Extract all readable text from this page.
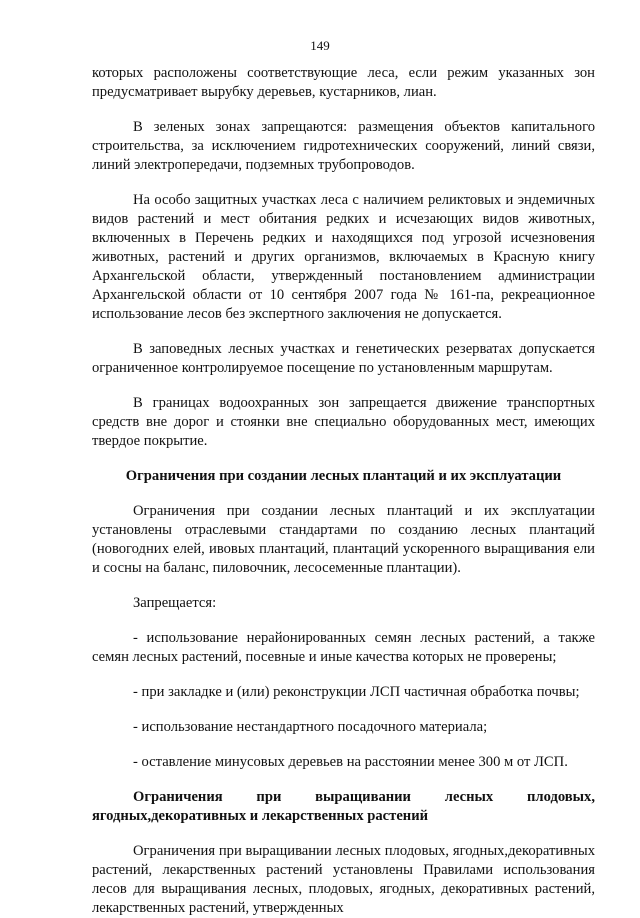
149

которых расположены соответствующие леса, если режим указанных зон предусматривает вырубку деревьев, кустарников, лиан.

В зеленых зонах запрещаются: размещения объектов капитального строительства, за исключением гидротехнических сооружений, линий связи, линий электропередачи, подземных трубопроводов.

На особо защитных участках леса с наличием реликтовых и эндемичных видов растений и мест обитания редких и исчезающих видов животных, включенных в Перечень редких и находящихся под угрозой исчезновения животных, растений и других организмов, включаемых в Красную книгу Архангельской области, утвержденный постановлением администрации Архангельской области от 10 сентября 2007 года № 161-па, рекреационное использование лесов без экспертного заключения не допускается.

В заповедных лесных участках и генетических резерватах допускается ограниченное контролируемое посещение по установленным маршрутам.

В границах водоохранных зон запрещается движение транспортных средств вне дорог и стоянки вне специально оборудованных мест, имеющих твердое покрытие.

Ограничения при создании лесных плантаций и их эксплуатации

Ограничения при создании лесных плантаций и их эксплуатации установлены отраслевыми стандартами по созданию лесных плантаций (новогодних елей, ивовых плантаций, плантаций ускоренного выращивания ели и сосны на баланс, пиловочник, лесосеменные плантации).

Запрещается:

- использование нерайонированных семян лесных растений, а также семян лесных растений, посевные и иные качества которых не проверены;

- при закладке и (или) реконструкции ЛСП частичная обработка почвы;

- использование нестандартного посадочного материала;

- оставление минусовых деревьев на расстоянии менее 300 м от ЛСП.

Ограничения при выращивании лесных плодовых, ягодных,декоративных и лекарственных растений

Ограничения при выращивании лесных плодовых, ягодных,декоративных растений, лекарственных растений установлены Правилами использования лесов для выращивания лесных, плодовых, ягодных, декоративных растений, лекарственных растений, утвержденных
